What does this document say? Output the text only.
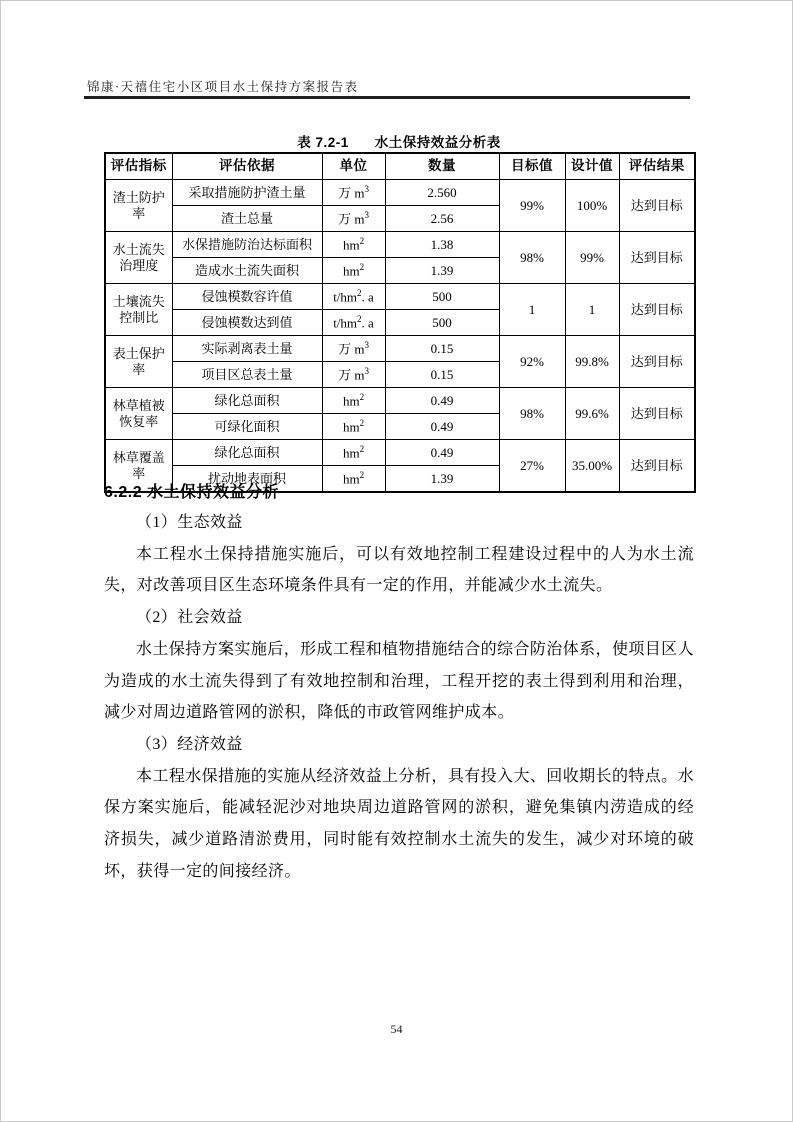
锦康·天禧住宅小区项目水土保持方案报告表
表 7.2-1 水土保持效益分析表
评估指标	评估依据	单位	数量	目标值	设计值	评估结果
渣土防护率	采取措施防护渣土量	万 $m^3$	2.560	99%	100%	达到目标
	渣土总量	万 $m^3$	2.56			
水土流失治理度	水保措施防治达标面积	$hm^2$	1.38	98%	99%	达到目标
	造成水土流失面积	$hm^2$	1.39			
土壤流失控制比	侵蚀模数容许值	$t/hm^2$. a	500	1	1	达到目标
	侵蚀模数达到值	$t/hm^2$. a	500			
表土保护率	实际剥离表土量	万 $m^3$	0.15	92%	99.8%	达到目标
	项目区总表土量	万 $m^3$	0.15			
林草植被恢复率	绿化总面积	$hm^2$	0.49	98%	99.6%	达到目标
	可绿化面积	$hm^2$	0.49			
林草覆盖率	绿化总面积	$hm^2$	0.49	27%	35.00%	达到目标
	扰动地表面积	$hm^2$	1.39			
6.2.2 水土保持效益分析

（1）生态效益

本工程水土保持措施实施后，可以有效地控制工程建设过程中的人为水土流失，对改善项目区生态环境条件具有一定的作用，并能减少水土流失。

（2）社会效益

水土保持方案实施后，形成工程和植物措施结合的综合防治体系，使项目区人为造成的水土流失得到了有效地控制和治理，工程开挖的表土得到利用和治理，减少对周边道路管网的淤积，降低的市政管网维护成本。

（3）经济效益

本工程水保措施的实施从经济效益上分析，具有投入大、回收期长的特点。水保方案实施后，能减轻泥沙对地块周边道路管网的淤积，避免集镇内涝造成的经济损失，减少道路清淤费用，同时能有效控制水土流失的发生，减少对环境的破坏，获得一定的间接经济。

54
